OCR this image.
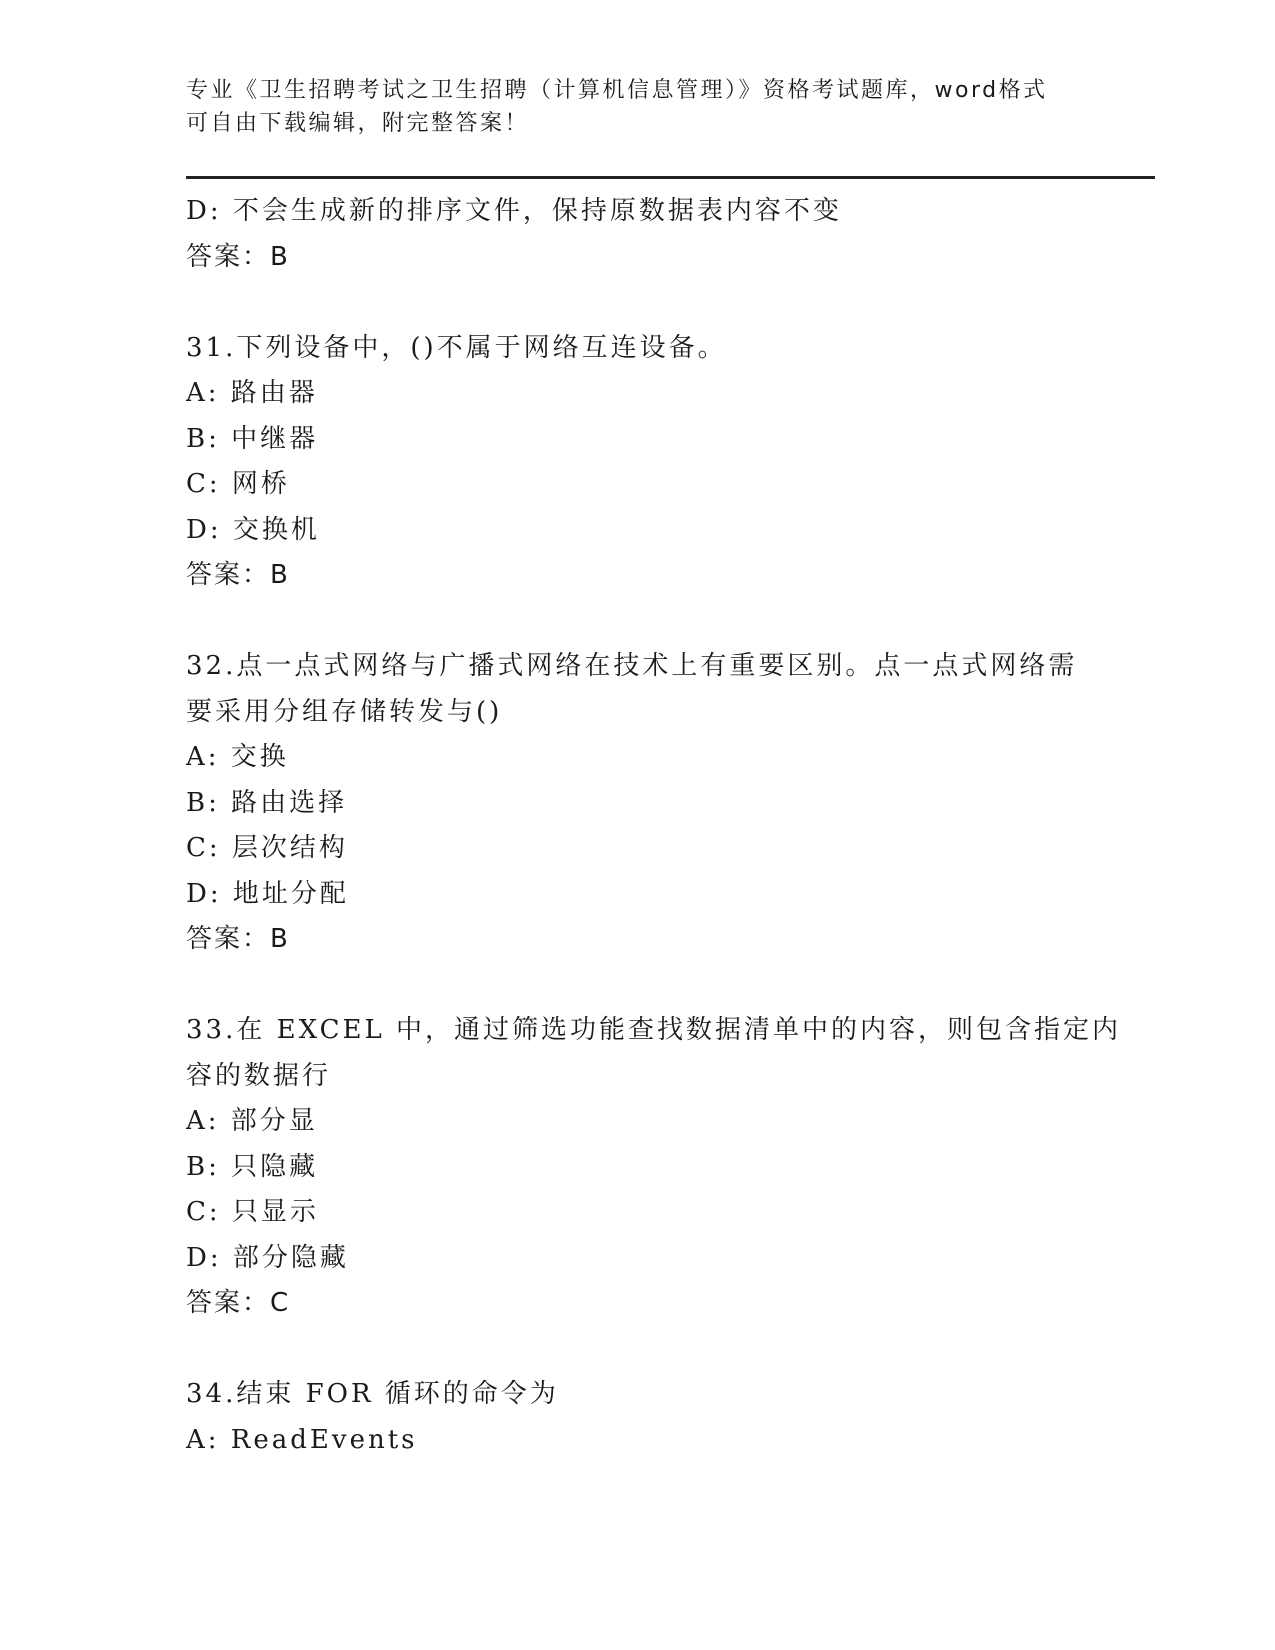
专业《卫生招聘考试之卫生招聘（计算机信息管理）》资格考试题库，word格式
可自由下载编辑，附完整答案！
D: 不会生成新的排序文件，保持原数据表内容不变
答案：B
31.下列设备中，()不属于网络互连设备。
A: 路由器
B: 中继器
C: 网桥
D: 交换机
答案：B
32.点一点式网络与广播式网络在技术上有重要区别。点一点式网络需
要采用分组存储转发与()
A: 交换
B: 路由选择
C: 层次结构
D: 地址分配
答案：B
33.在 EXCEL 中，通过筛选功能查找数据清单中的内容，则包含指定内
容的数据行
A: 部分显
B: 只隐藏
C: 只显示
D: 部分隐藏
答案：C
34.结束 FOR 循环的命令为
A: ReadEvents
